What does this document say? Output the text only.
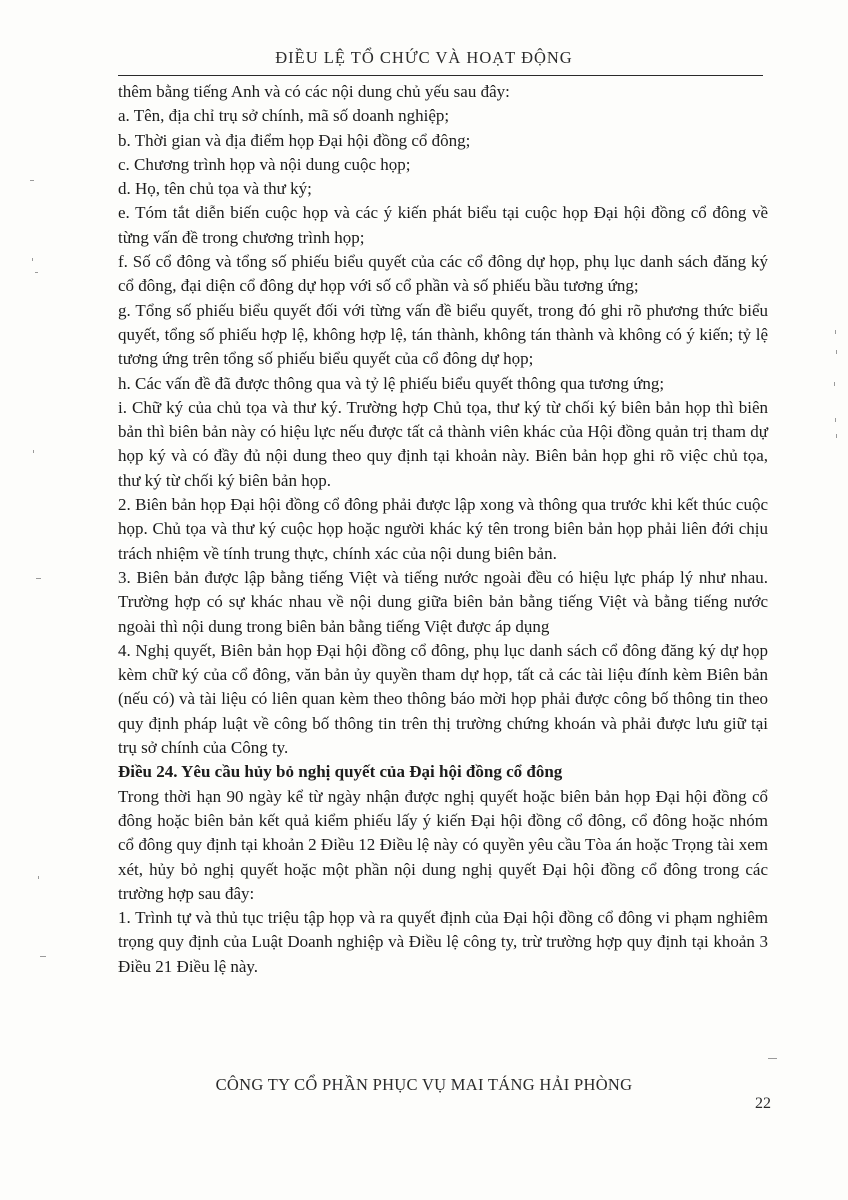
ĐIỀU LỆ TỔ CHỨC VÀ HOẠT ĐỘNG

thêm bằng tiếng Anh và có các nội dung chủ yếu sau đây:

a. Tên, địa chỉ trụ sở chính, mã số doanh nghiệp;

b. Thời gian và địa điểm họp Đại hội đồng cổ đông;

c. Chương trình họp và nội dung cuộc họp;

d. Họ, tên chủ tọa và thư ký;

e. Tóm tắt diễn biến cuộc họp và các ý kiến phát biểu tại cuộc họp Đại hội đồng cổ đông về từng vấn đề trong chương trình họp;

f. Số cổ đông và tổng số phiếu biểu quyết của các cổ đông dự họp, phụ lục danh sách đăng ký cổ đông, đại diện cổ đông dự họp với số cổ phần và số phiếu bầu tương ứng;

g. Tổng số phiếu biểu quyết đối với từng vấn đề biểu quyết, trong đó ghi rõ phương thức biểu quyết, tổng số phiếu hợp lệ, không hợp lệ, tán thành, không tán thành và không có ý kiến; tỷ lệ tương ứng trên tổng số phiếu biểu quyết của cổ đông dự họp;

h. Các vấn đề đã được thông qua và tỷ lệ phiếu biểu quyết thông qua tương ứng;

i. Chữ ký của chủ tọa và thư ký. Trường hợp Chủ tọa, thư ký từ chối ký biên bản họp thì biên bản thì biên bản này có hiệu lực nếu được tất cả thành viên khác của Hội đồng quản trị tham dự họp ký và có đầy đủ nội dung theo quy định tại khoản này. Biên bản họp ghi rõ việc chủ tọa, thư ký từ chối ký biên bản họp.

2. Biên bản họp Đại hội đồng cổ đông phải được lập xong và thông qua trước khi kết thúc cuộc họp. Chủ tọa và thư ký cuộc họp hoặc người khác ký tên trong biên bản họp phải liên đới chịu trách nhiệm về tính trung thực, chính xác của nội dung biên bản.

3. Biên bản được lập bằng tiếng Việt và tiếng nước ngoài đều có hiệu lực pháp lý như nhau. Trường hợp có sự khác nhau về nội dung giữa biên bản bằng tiếng Việt và bằng tiếng nước ngoài thì nội dung trong biên bản bằng tiếng Việt được áp dụng

4. Nghị quyết, Biên bản họp Đại hội đồng cổ đông, phụ lục danh sách cổ đông đăng ký dự họp kèm chữ ký của cổ đông, văn bản ủy quyền tham dự họp, tất cả các tài liệu đính kèm Biên bản (nếu có) và tài liệu có liên quan kèm theo thông báo mời họp phải được công bố thông tin theo quy định pháp luật về công bố thông tin trên thị trường chứng khoán và phải được lưu giữ tại trụ sở chính của Công ty.

Điều 24. Yêu cầu hủy bỏ nghị quyết của Đại hội đồng cổ đông

Trong thời hạn 90 ngày kể từ ngày nhận được nghị quyết hoặc biên bản họp Đại hội đồng cổ đông hoặc biên bản kết quả kiểm phiếu lấy ý kiến Đại hội đồng cổ đông, cổ đông hoặc nhóm cổ đông quy định tại khoản 2 Điều 12 Điều lệ này có quyền yêu cầu Tòa án hoặc Trọng tài xem xét, hủy bỏ nghị quyết hoặc một phần nội dung nghị quyết Đại hội đồng cổ đông trong các trường hợp sau đây:

1. Trình tự và thủ tục triệu tập họp và ra quyết định của Đại hội đồng cổ đông vi phạm nghiêm trọng quy định của Luật Doanh nghiệp và Điều lệ công ty, trừ trường hợp quy định tại khoản 3 Điều 21 Điều lệ này.

CÔNG TY CỔ PHẦN PHỤC VỤ MAI TÁNG HẢI PHÒNG
22
